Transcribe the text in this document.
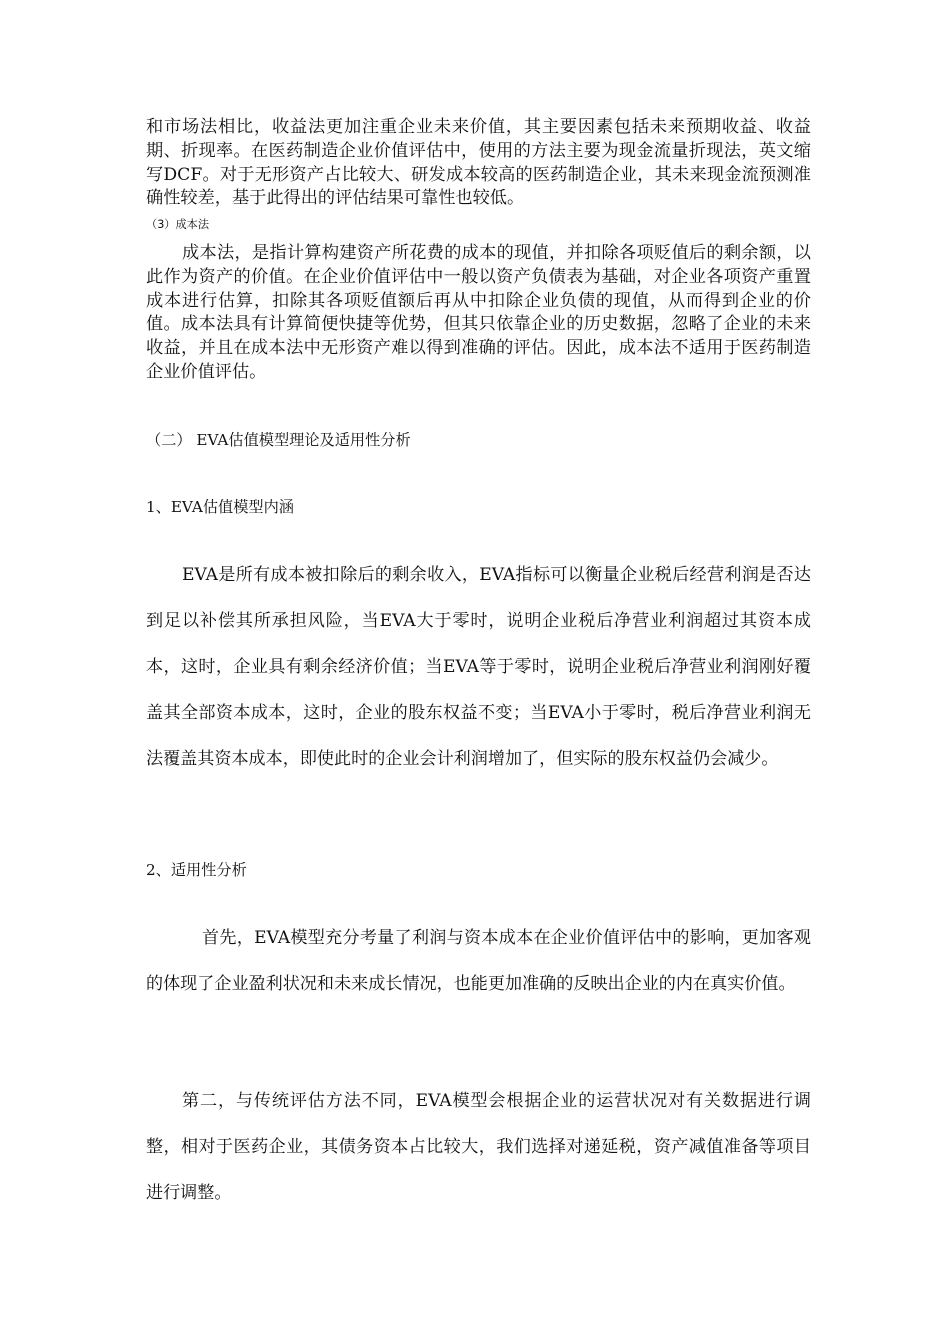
和市场法相比，收益法更加注重企业未来价值，其主要因素包括未来预期收益、收益期、折现率。在医药制造企业价值评估中，使用的方法主要为现金流量折现法，英文缩写DCF。对于无形资产占比较大、研发成本较高的医药制造企业，其未来现金流预测准确性较差，基于此得出的评估结果可靠性也较低。

（3）成本法

成本法，是指计算构建资产所花费的成本的现值，并扣除各项贬值后的剩余额，以此作为资产的价值。在企业价值评估中一般以资产负债表为基础，对企业各项资产重置成本进行估算，扣除其各项贬值额后再从中扣除企业负债的现值，从而得到企业的价值。成本法具有计算简便快捷等优势，但其只依靠企业的历史数据，忽略了企业的未来收益，并且在成本法中无形资产难以得到准确的评估。因此，成本法不适用于医药制造企业价值评估。

（二） EVA估值模型理论及适用性分析
1、EVA估值模型内涵

EVA是所有成本被扣除后的剩余收入，EVA指标可以衡量企业税后经营利润是否达到足以补偿其所承担风险，当EVA大于零时，说明企业税后净营业利润超过其资本成本，这时，企业具有剩余经济价值；当EVA等于零时，说明企业税后净营业利润刚好覆盖其全部资本成本，这时，企业的股东权益不变；当EVA小于零时，税后净营业利润无法覆盖其资本成本，即使此时的企业会计利润增加了，但实际的股东权益仍会减少。

2、适用性分析

首先，EVA模型充分考量了利润与资本成本在企业价值评估中的影响，更加客观的体现了企业盈利状况和未来成长情况，也能更加准确的反映出企业的内在真实价值。

第二，与传统评估方法不同，EVA模型会根据企业的运营状况对有关数据进行调整，相对于医药企业，其债务资本占比较大，我们选择对递延税，资产减值准备等项目进行调整。
